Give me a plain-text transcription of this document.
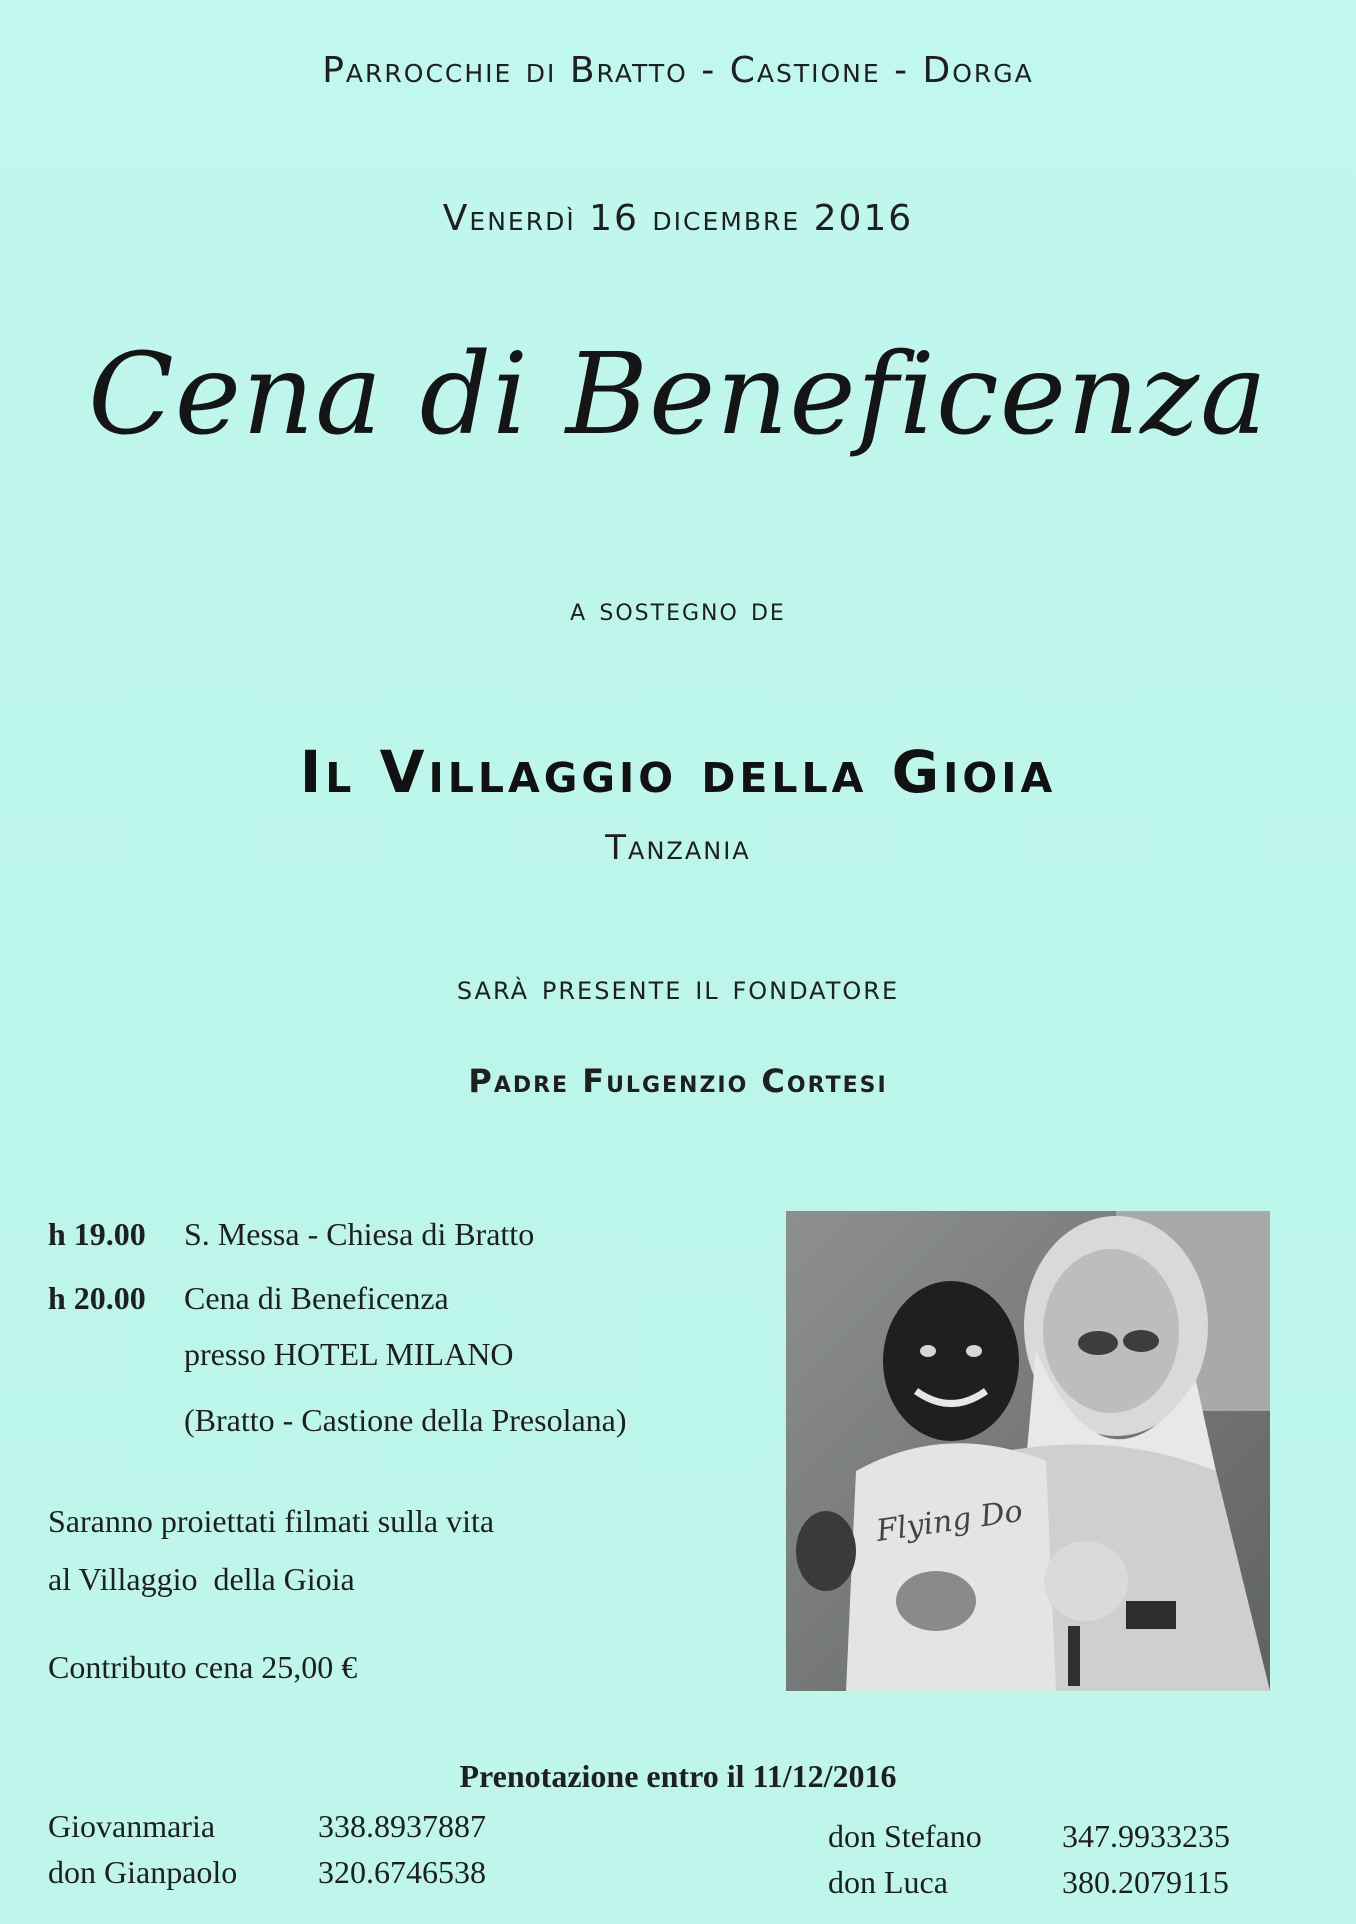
Parrocchie di Bratto - Castione - Dorga
Venerdì 16 dicembre 2016
Cena di Beneficenza
a sostegno de
Il Villaggio della Gioia
Tanzania
sarà presente il fondatore
Padre Fulgenzio Cortesi
h 19.00 S. Messa - Chiesa di Bratto
h 20.00 Cena di Beneficenza
presso HOTEL MILANO
(Bratto - Castione della Presolana)
Saranno proiettati filmati sulla vita
al Villaggio  della Gioia
Contributo cena 25,00 €
Flying Do
Prenotazione entro il 11/12/2016
Giovanmaria	338.8937887
don Gianpaolo	320.6746538
don Stefano	347.9933235
don Luca	380.2079115
